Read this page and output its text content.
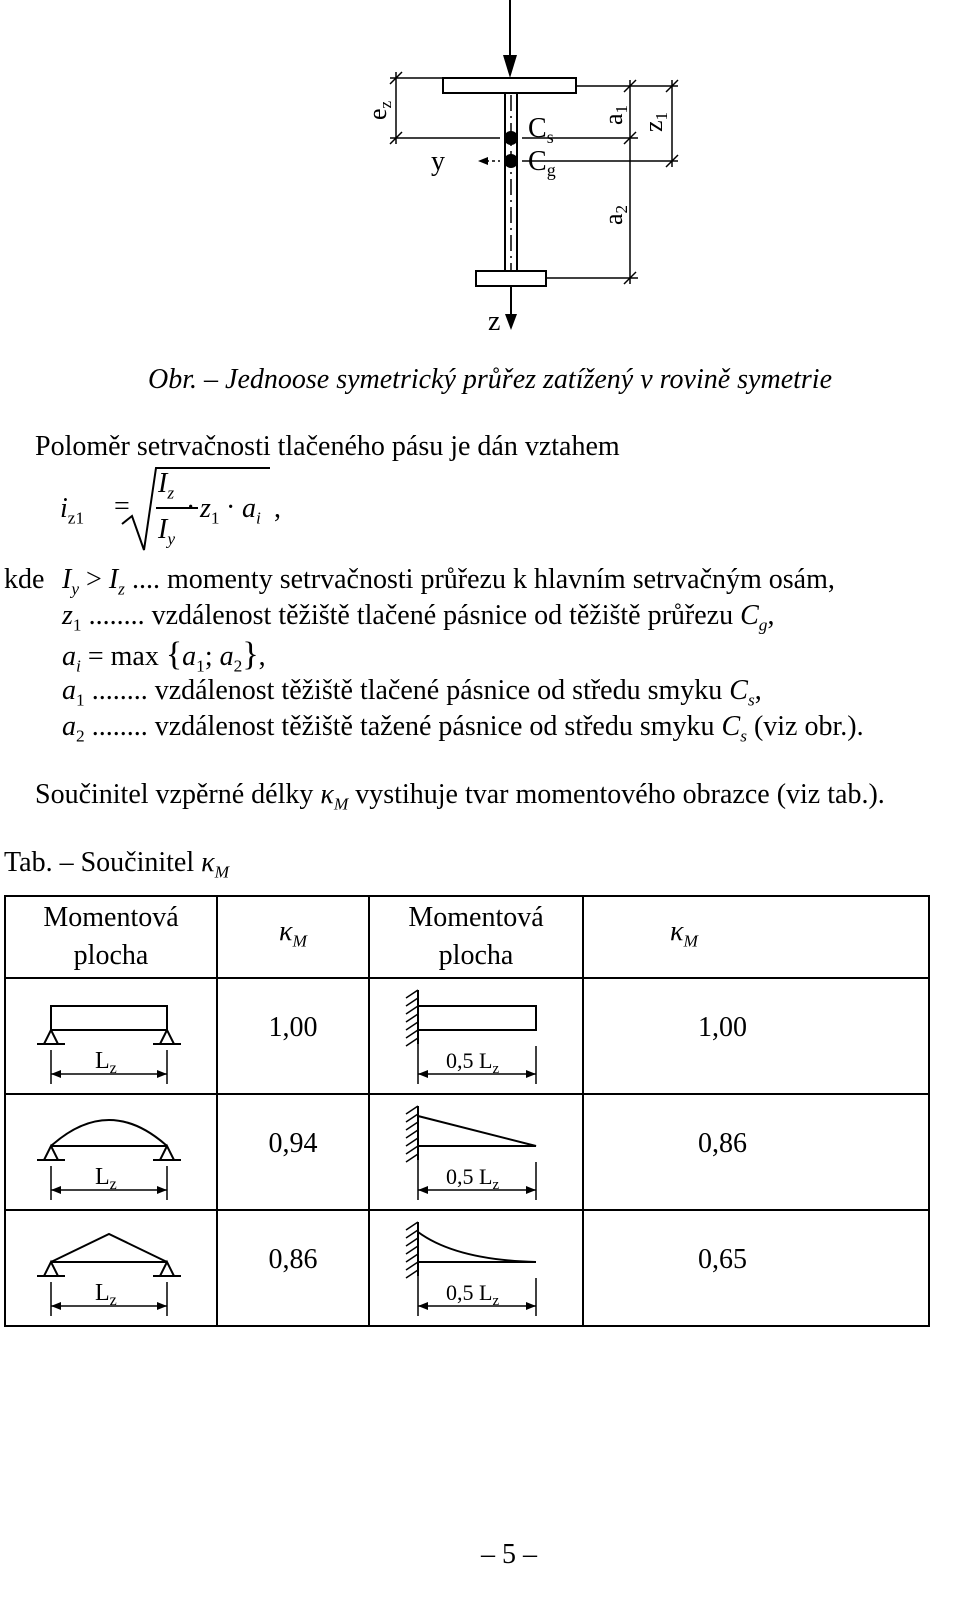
ez
y
z
$C_s$
$C_g$
a1
z1
a2
Obr. – Jednoose symetrický průřez zatížený v rovině symetrie
Poloměr setrvačnosti tlačeného pásu je dán vztahem
$i_{z1}$ =
$I_z$
$I_y$
· $z_1 \cdot a_i$ ,
kde $I_y > I_z$ .... momenty setrvačnosti průřezu k hlavním setrvačným osám,
$z_1$ ........ vzdálenost těžiště tlačené pásnice od těžiště průřezu $C_g$,
$a_i = \max \{a_1$; $a_2$},
$a_1$ ........ vzdálenost těžiště tlačené pásnice od středu smyku $C_s$,
$a_2$ ........ vzdálenost těžiště tažené pásnice od středu smyku $C_s$ (viz obr.).
Součinitel vzpěrné délky $\kappa_M$ vystihuje tvar momentového obrazce (viz tab.).
Tab. – Součinitel $\kappa_M$
Momentová
plocha	$\kappa_M$	Momentová
plocha	$\kappa_M$

$L_z$	1,00	0,5 $L_z$	1,00

$L_z$	0,94	0,5 $L_z$	0,86

$L_z$	0,86	0,5 $L_z$	0,65
– 5 –
